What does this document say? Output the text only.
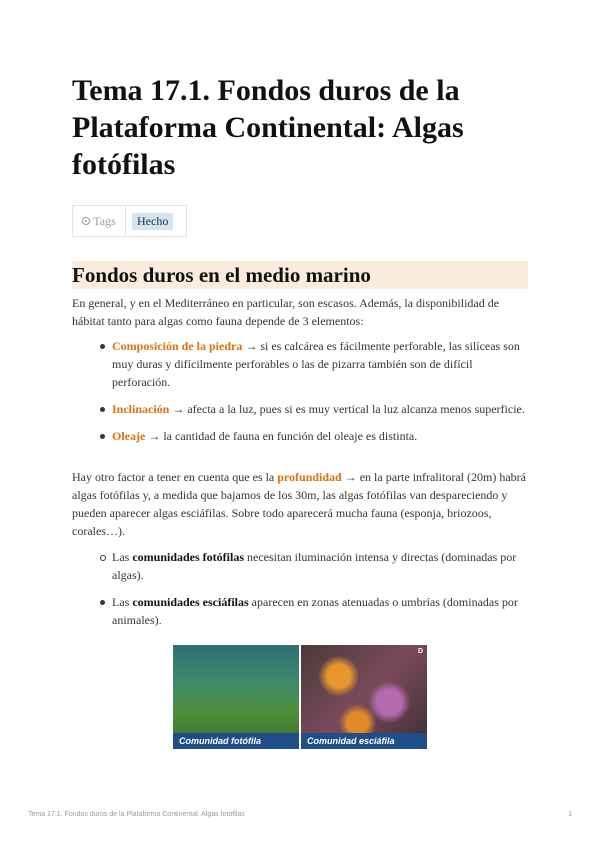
Tema 17.1. Fondos duros de la Plataforma Continental: Algas fotófilas
Tags	Hecho
Fondos duros en el medio marino

En general, y en el Mediterráneo en particular, son escasos. Además, la disponibilidad de hábitat tanto para algas como fauna depende de 3 elementos:

Composición de la piedra → si es calcárea es fácilmente perforable, las silíceas son muy duras y difícilmente perforables o las de pizarra también son de difícil perforación.
Inclinación → afecta a la luz, pues si es muy vertical la luz alcanza menos superficie.
Oleaje → la cantidad de fauna en función del oleaje es distinta.

Hay otro factor a tener en cuenta que es la profundidad → en la parte infralitoral (20m) habrá algas fotófilas y, a medida que bajamos de los 30m, las algas fotófilas van despareciendo y pueden aparecer algas esciáfilas. Sobre todo aparecerá mucha fauna (esponja, briozoos, corales…).

Las comunidades fotófilas necesitan iluminación intensa y directas (dominadas por algas).
Las comunidades esciáfilas aparecen en zonas atenuadas o umbrías (dominadas por animales).
Comunidad fotófila
D
Comunidad esciáfila
Tema 17.1. Fondos duros de la Plataforma Continental: Algas fotófilas	1
